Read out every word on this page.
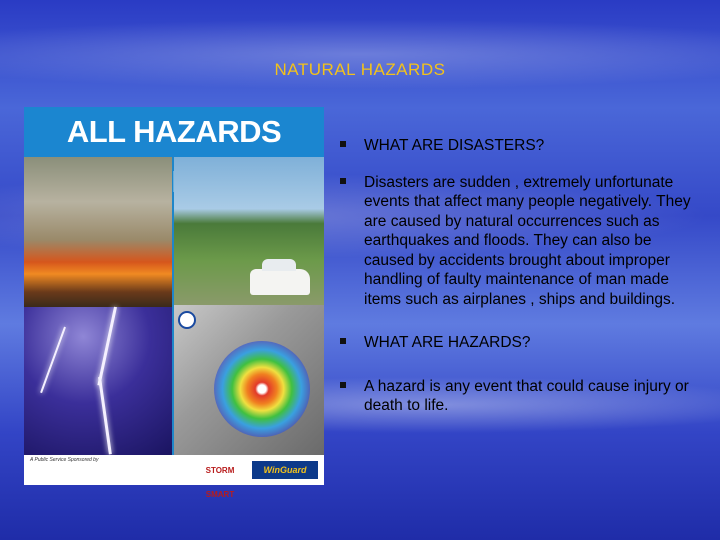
NATURAL HAZARDS
ALL HAZARDS
A Public Service Sponsored by
STORM SMART
WinGuard
WHAT ARE DISASTERS?
Disasters are sudden , extremely unfortunate events that affect many people negatively. They are caused by natural occurrences such as earthquakes and floods. They can also be caused by accidents brought about improper handling of faulty maintenance of man made items such as airplanes , ships and buildings.
WHAT ARE HAZARDS?
A hazard is any event that could cause injury or death to life.
